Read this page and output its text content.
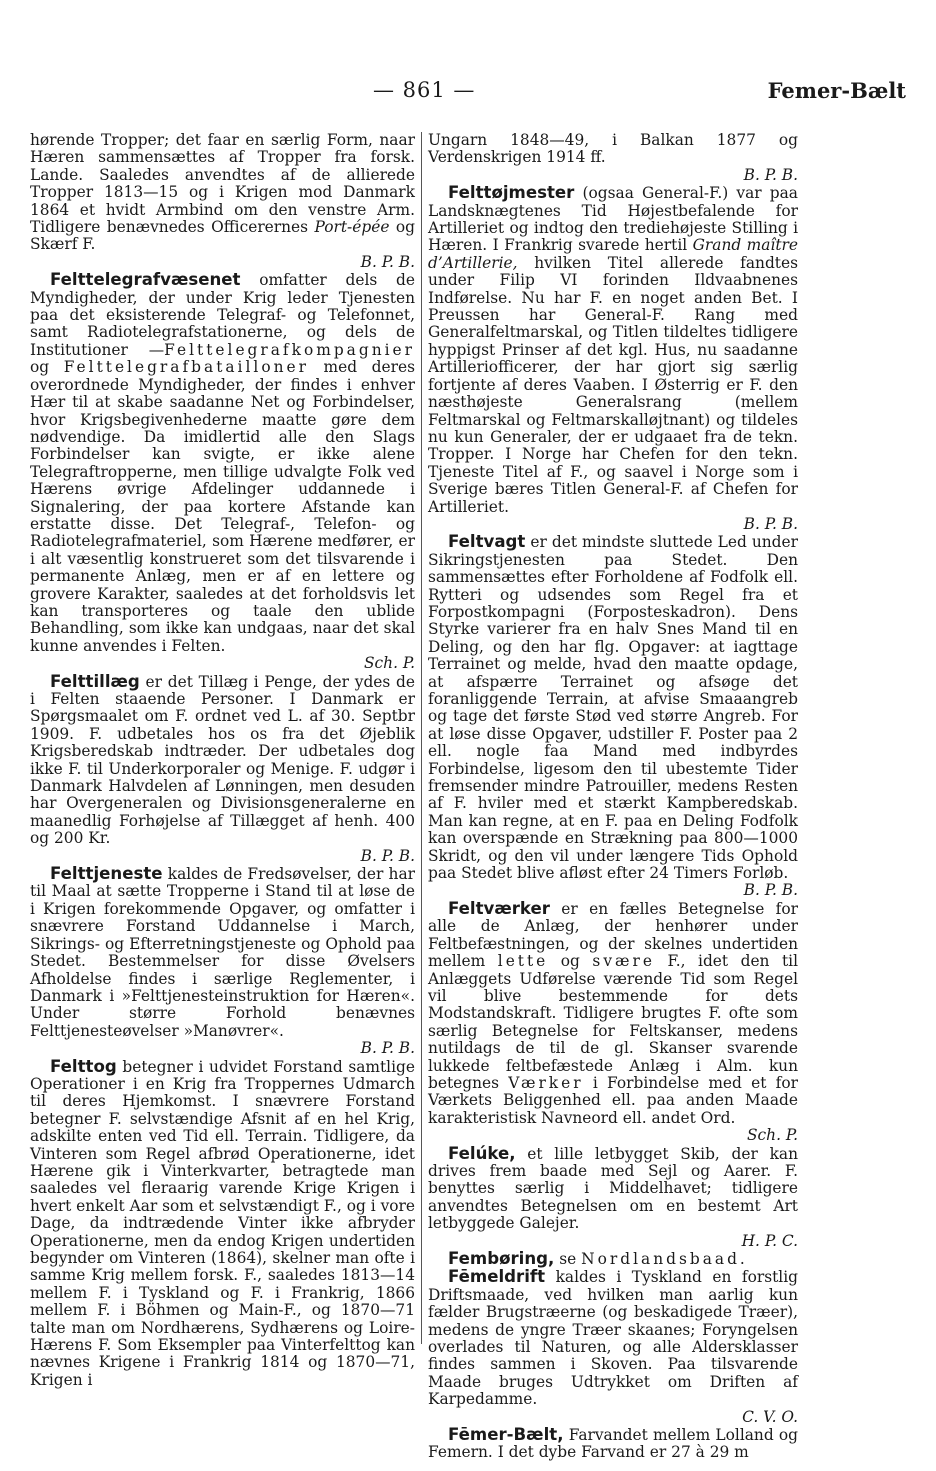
— 861 —	Femer-Bælt

hørende Tropper; det faar en særlig Form, naar Hæren sammensættes af Tropper fra forsk. Lande. Saaledes anvendtes af de allierede Tropper 1813—15 og i Krigen mod Danmark 1864 et hvidt Armbind om den venstre Arm. Tidligere benævnedes Officerernes Port-épée og Skærf F.

B. P. B.

Felttelegrafvæsenet omfatter dels de Myndigheder, der under Krig leder Tjenesten paa det eksisterende Telegraf- og Telefonnet, samt Radiotelegrafstationerne, og dels de Institutioner —Felttelegrafkompagnier og Felttelegrafbatailloner med deres overordnede Myndigheder, der findes i enhver Hær til at skabe saadanne Net og Forbindelser, hvor Krigsbegivenhederne maatte gøre dem nødvendige. Da imidlertid alle den Slags Forbindelser kan svigte, er ikke alene Telegraftropperne, men tillige udvalgte Folk ved Hærens øvrige Afdelinger uddannede i Signalering, der paa kortere Afstande kan erstatte disse. Det Telegraf-, Telefon- og Radiotelegrafmateriel, som Hærene medfører, er i alt væsentlig konstrueret som det tilsvarende i permanente Anlæg, men er af en lettere og grovere Karakter, saaledes at det forholdsvis let kan transporteres og taale den ublide Behandling, som ikke kan undgaas, naar det skal kunne anvendes i Felten.

Sch. P.

Felttillæg er det Tillæg i Penge, der ydes de i Felten staaende Personer. I Danmark er Spørgsmaalet om F. ordnet ved L. af 30. Septbr 1909. F. udbetales hos os fra det Øjeblik Krigsberedskab indtræder. Der udbetales dog ikke F. til Underkorporaler og Menige. F. udgør i Danmark Halvdelen af Lønningen, men desuden har Overgeneralen og Divisionsgeneralerne en maanedlig Forhøjelse af Tillægget af henh. 400 og 200 Kr.

B. P. B.

Felttjeneste kaldes de Fredsøvelser, der har til Maal at sætte Tropperne i Stand til at løse de i Krigen forekommende Opgaver, og omfatter i snævrere Forstand Uddannelse i March, Sikrings- og Efterretningstjeneste og Ophold paa Stedet. Bestemmelser for disse Øvelsers Afholdelse findes i særlige Reglementer, i Danmark i »Felttjenesteinstruktion for Hæren«. Under større Forhold benævnes Felttjenesteøvelser »Manøvrer«.

B. P. B.

Felttog betegner i udvidet Forstand samtlige Operationer i en Krig fra Troppernes Udmarch til deres Hjemkomst. I snævrere Forstand betegner F. selvstændige Afsnit af en hel Krig, adskilte enten ved Tid ell. Terrain. Tidligere, da Vinteren som Regel afbrød Operationerne, idet Hærene gik i Vinterkvarter, betragtede man saaledes vel fleraarig varende Krige Krigen i hvert enkelt Aar som et selvstændigt F., og i vore Dage, da indtrædende Vinter ikke afbryder Operationerne, men da endog Krigen undertiden begynder om Vinteren (1864), skelner man ofte i samme Krig mellem forsk. F., saaledes 1813—14 mellem F. i Tyskland og F. i Frankrig, 1866 mellem F. i Böhmen og Main-F., og 1870—71 talte man om Nordhærens, Sydhærens og Loire-Hærens F. Som Eksempler paa Vinterfelttog kan nævnes Krigene i Frankrig 1814 og 1870—71, Krigen i

Ungarn 1848—49, i Balkan 1877 og Verdenskrigen 1914 ff.

B. P. B.

Felttøjmester (ogsaa General-F.) var paa Landsknægtenes Tid Højestbefalende for Artilleriet og indtog den trediehøjeste Stilling i Hæren. I Frankrig svarede hertil Grand maître d’Artillerie, hvilken Titel allerede fandtes under Filip VI forinden Ildvaabnenes Indførelse. Nu har F. en noget anden Bet. I Preussen har General-F. Rang med Generalfeltmarskal, og Titlen tildeltes tidligere hyppigst Prinser af det kgl. Hus, nu saadanne Artilleriofficerer, der har gjort sig særlig fortjente af deres Vaaben. I Østerrig er F. den næsthøjeste Generalsrang (mellem Feltmarskal og Feltmarskalløjtnant) og tildeles nu kun Generaler, der er udgaaet fra de tekn. Tropper. I Norge har Chefen for den tekn. Tjeneste Titel af F., og saavel i Norge som i Sverige bæres Titlen General-F. af Chefen for Artilleriet.

B. P. B.

Feltvagt er det mindste sluttede Led under Sikringstjenesten paa Stedet. Den sammensættes efter Forholdene af Fodfolk ell. Rytteri og udsendes som Regel fra et Forpostkompagni (Forposteskadron). Dens Styrke varierer fra en halv Snes Mand til en Deling, og den har flg. Opgaver: at iagttage Terrainet og melde, hvad den maatte opdage, at afspærre Terrainet og afsøge det foranliggende Terrain, at afvise Smaaangreb og tage det første Stød ved større Angreb. For at løse disse Opgaver, udstiller F. Poster paa 2 ell. nogle faa Mand med indbyrdes Forbindelse, ligesom den til ubestemte Tider fremsender mindre Patrouiller, medens Resten af F. hviler med et stærkt Kampberedskab. Man kan regne, at en F. paa en Deling Fodfolk kan overspænde en Strækning paa 800—1000 Skridt, og den vil under længere Tids Ophold paa Stedet blive afløst efter 24 Timers Forløb.

B. P. B.

Feltværker er en fælles Betegnelse for alle de Anlæg, der henhører under Feltbefæstningen, og der skelnes undertiden mellem lette og svære F., idet den til Anlæggets Udførelse værende Tid som Regel vil blive bestemmende for dets Modstandskraft. Tidligere brugtes F. ofte som særlig Betegnelse for Feltskanser, medens nutildags de til de gl. Skanser svarende lukkede feltbefæstede Anlæg i Alm. kun betegnes Værker i Forbindelse med et for Værkets Beliggenhed ell. paa anden Maade karakteristisk Navneord ell. andet Ord.

Sch. P.

Felúke, et lille letbygget Skib, der kan drives frem baade med Sejl og Aarer. F. benyttes særlig i Middelhavet; tidligere anvendtes Betegnelsen om en bestemt Art letbyggede Galejer.

H. P. C.

Fembøring, se Nordlandsbaad.

Fēmeldrift kaldes i Tyskland en forstlig Driftsmaade, ved hvilken man aarlig kun fælder Brugstræerne (og beskadigede Træer), medens de yngre Træer skaanes; Foryngelsen overlades til Naturen, og alle Aldersklasser findes sammen i Skoven. Paa tilsvarende Maade bruges Udtrykket om Driften af Karpedamme.

C. V. O.

Fēmer-Bælt, Farvandet mellem Lolland og Femern. I det dybe Farvand er 27 à 29 m
